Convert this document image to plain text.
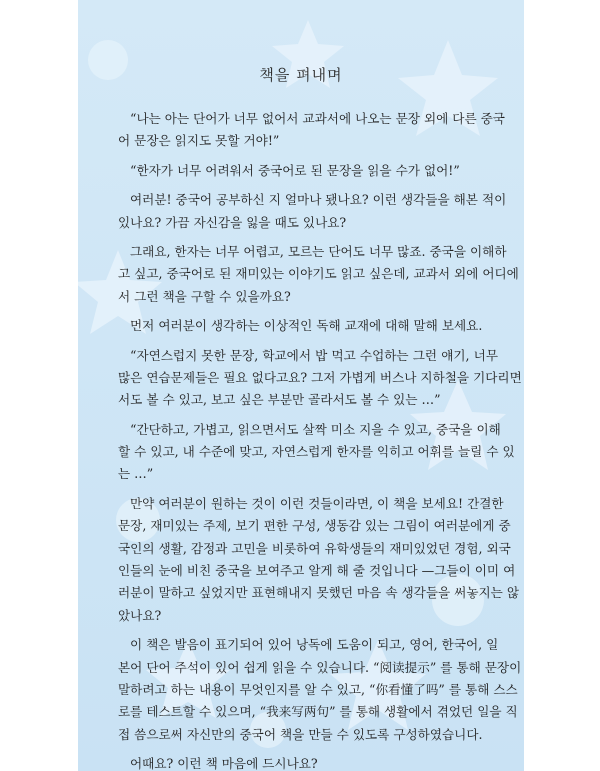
책을 펴내며
“나는 아는 단어가 너무 없어서 교과서에 나오는 문장 외에 다른 중국
어 문장은 읽지도 못할 거야!”
“한자가 너무 어려워서 중국어로 된 문장을 읽을 수가 없어!”
여러분! 중국어 공부하신 지 얼마나 됐나요? 이런 생각들을 해본 적이
있나요? 가끔 자신감을 잃을 때도 있나요?
그래요, 한자는 너무 어렵고, 모르는 단어도 너무 많죠. 중국을 이해하
고 싶고, 중국어로 된 재미있는 이야기도 읽고 싶은데, 교과서 외에 어디에
서 그런 책을 구할 수 있을까요?
먼저 여러분이 생각하는 이상적인 독해 교재에 대해 말해 보세요.
“자연스럽지 못한 문장, 학교에서 밥 먹고 수업하는 그런 얘기, 너무
많은 연습문제들은 필요 없다고요? 그저 가볍게 버스나 지하철을 기다리면
서도 볼 수 있고, 보고 싶은 부분만 골라서도 볼 수 있는 …”
“간단하고, 가볍고, 읽으면서도 살짝 미소 지을 수 있고, 중국을 이해
할 수 있고, 내 수준에 맞고, 자연스럽게 한자를 익히고 어휘를 늘릴 수 있
는 …”
만약 여러분이 원하는 것이 이런 것들이라면, 이 책을 보세요! 간결한
문장, 재미있는 주제, 보기 편한 구성, 생동감 있는 그림이 여러분에게 중
국인의 생활, 감정과 고민을 비롯하여 유학생들의 재미있었던 경험, 외국
인들의 눈에 비친 중국을 보여주고 알게 해 줄 것입니다 —그들이 이미 여
러분이 말하고 싶었지만 표현해내지 못했던 마음 속 생각들을 써놓지는 않
았나요?
이 책은 발음이 표기되어 있어 낭독에 도움이 되고, 영어, 한국어, 일
본어 단어 주석이 있어 쉽게 읽을 수 있습니다. “阅读提示” 를 통해 문장이
말하려고 하는 내용이 무엇인지를 알 수 있고, “你看懂了吗” 를 통해 스스
로를 테스트할 수 있으며, “我来写两句” 를 통해 생활에서 겪었던 일을 직
접 씀으로써 자신만의 중국어 책을 만들 수 있도록 구성하였습니다.
어때요? 이런 책 마음에 드시나요?
